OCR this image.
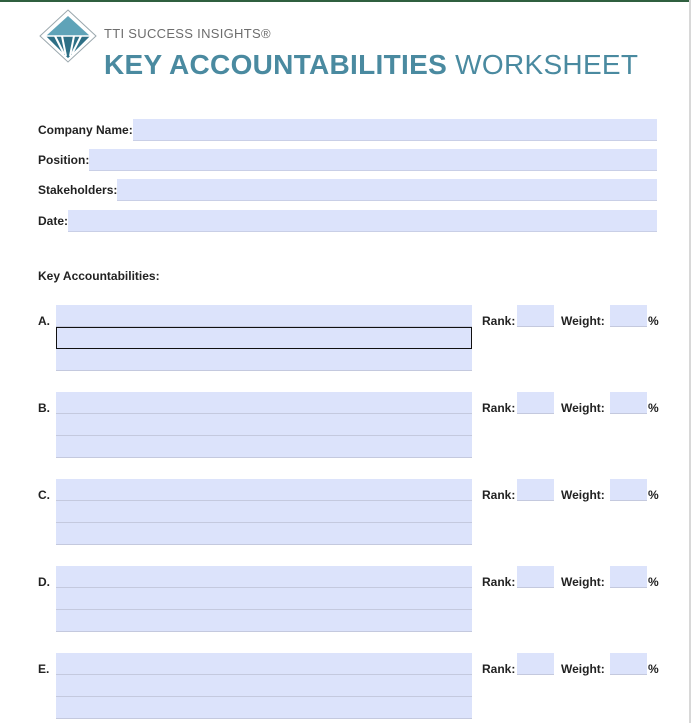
TTI SUCCESS INSIGHTS®
KEY ACCOUNTABILITIES WORKSHEET
Company Name:
Position:
Stakeholders:
Date:
Key Accountabilities:
A.	Rank:	Weight:	%
B.	Rank:	Weight:	%
C.	Rank:	Weight:	%
D.	Rank:	Weight:	%
E.	Rank:	Weight:	%
